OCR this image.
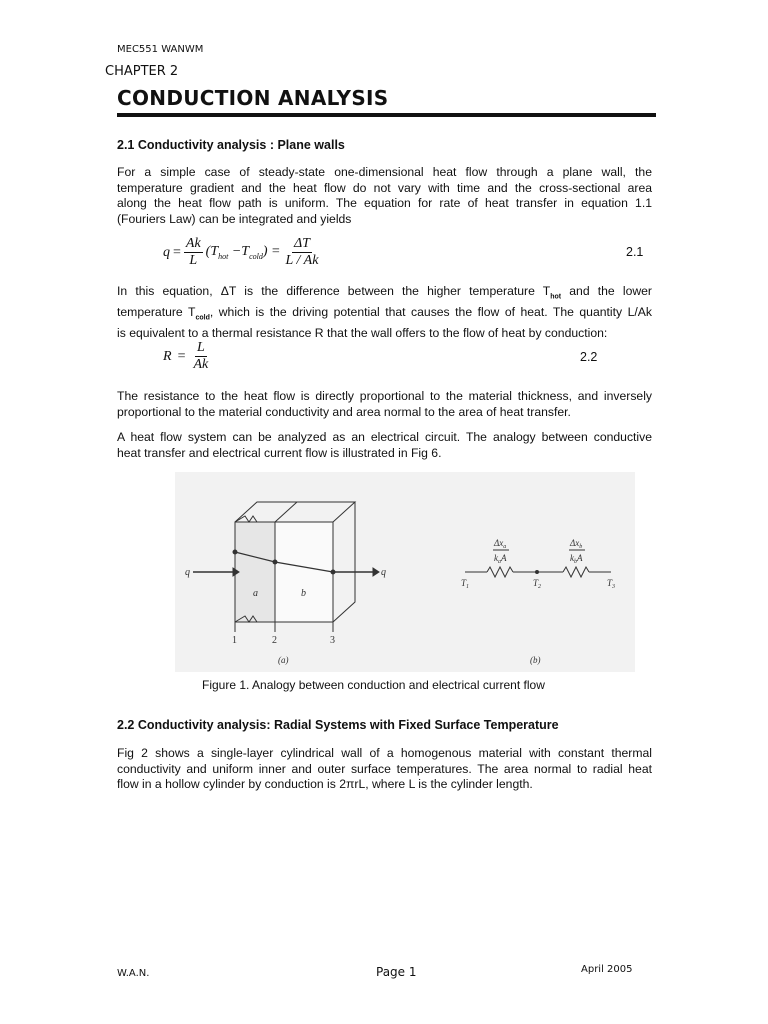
MEC551 WANWM
CHAPTER 2
CONDUCTION ANALYSIS
2.1 Conductivity analysis : Plane walls
For a simple case of steady-state one-dimensional heat flow through a plane wall, the
temperature gradient and the heat flow do not vary with time and the cross-sectional area
along the heat flow path is uniform. The equation for rate of heat transfer in equation 1.1
(Fouriers Law) can be integrated and yields
$q = \frac{Ak}{L} (T_{hot} -T_{cold}) = \frac{\Delta T}{L / Ak}$	2.1
In this equation, ΔT is the difference between the higher temperature $T_{hot}$ and the lower
temperature $T_{cold}$, which is the driving potential that causes the flow of heat. The quantity L/Ak
is equivalent to a thermal resistance R that the wall offers to the flow of heat by conduction:
$R = \frac{L}{Ak}$	2.2
The resistance to the heat flow is directly proportional to the material thickness, and inversely
proportional to the material conductivity and area normal to the area of heat transfer.
A heat flow system can be analyzed as an electrical circuit. The analogy between conductive
heat transfer and electrical current flow is illustrated in Fig 6.
q	q
a	b
1	2	3
(a)	(b)
$\Delta x_a$
$k_aA$
$\Delta x_b$
$k_bA$
$T_1$	$T_2$	$T_3$
Figure 1. Analogy between conduction and electrical current flow
2.2 Conductivity analysis: Radial Systems with Fixed Surface Temperature
Fig 2 shows a single-layer cylindrical wall of a homogenous material with constant thermal
conductivity and uniform inner and outer surface temperatures. The area normal to radial heat
flow in a hollow cylinder by conduction is 2πrL, where L is the cylinder length.
W.A.N.	Page 1	April 2005
